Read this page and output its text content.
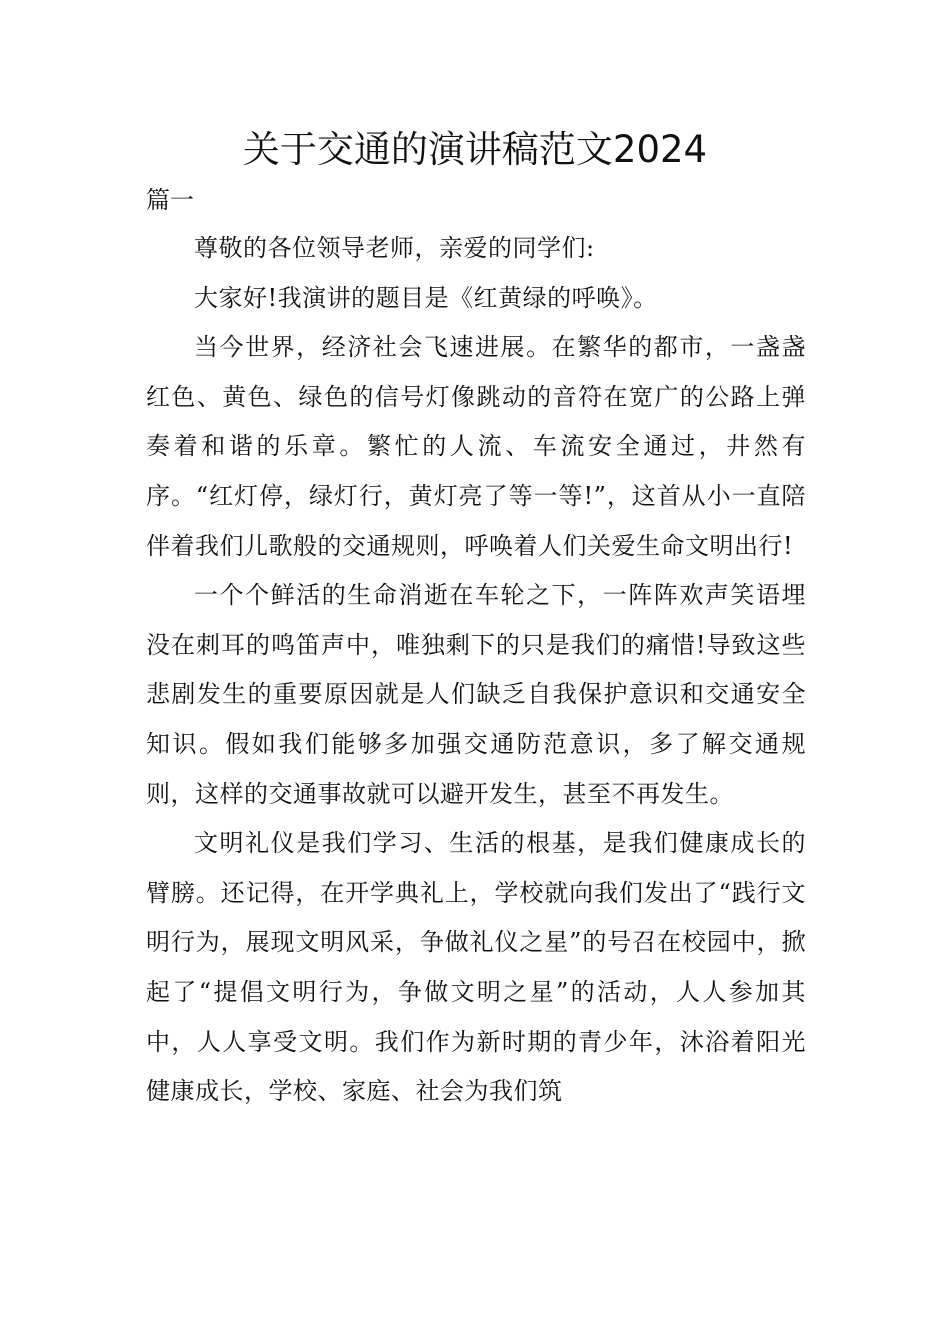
关于交通的演讲稿范文2024
篇一

尊敬的各位领导老师，亲爱的同学们:

大家好!我演讲的题目是《红黄绿的呼唤》。

当今世界，经济社会飞速进展。在繁华的都市，一盏盏红色、黄色、绿色的信号灯像跳动的音符在宽广的公路上弹奏着和谐的乐章。繁忙的人流、车流安全通过，井然有序。“红灯停，绿灯行，黄灯亮了等一等!”，这首从小一直陪伴着我们儿歌般的交通规则，呼唤着人们关爱生命文明出行!

一个个鲜活的生命消逝在车轮之下，一阵阵欢声笑语埋没在刺耳的鸣笛声中，唯独剩下的只是我们的痛惜!导致这些悲剧发生的重要原因就是人们缺乏自我保护意识和交通安全知识。假如我们能够多加强交通防范意识，多了解交通规则，这样的交通事故就可以避开发生，甚至不再发生。

文明礼仪是我们学习、生活的根基，是我们健康成长的臂膀。还记得，在开学典礼上，学校就向我们发出了“践行文明行为，展现文明风采，争做礼仪之星”的号召在校园中，掀起了“提倡文明行为，争做文明之星”的活动，人人参加其中，人人享受文明。我们作为新时期的青少年，沐浴着阳光健康成长，学校、家庭、社会为我们筑
